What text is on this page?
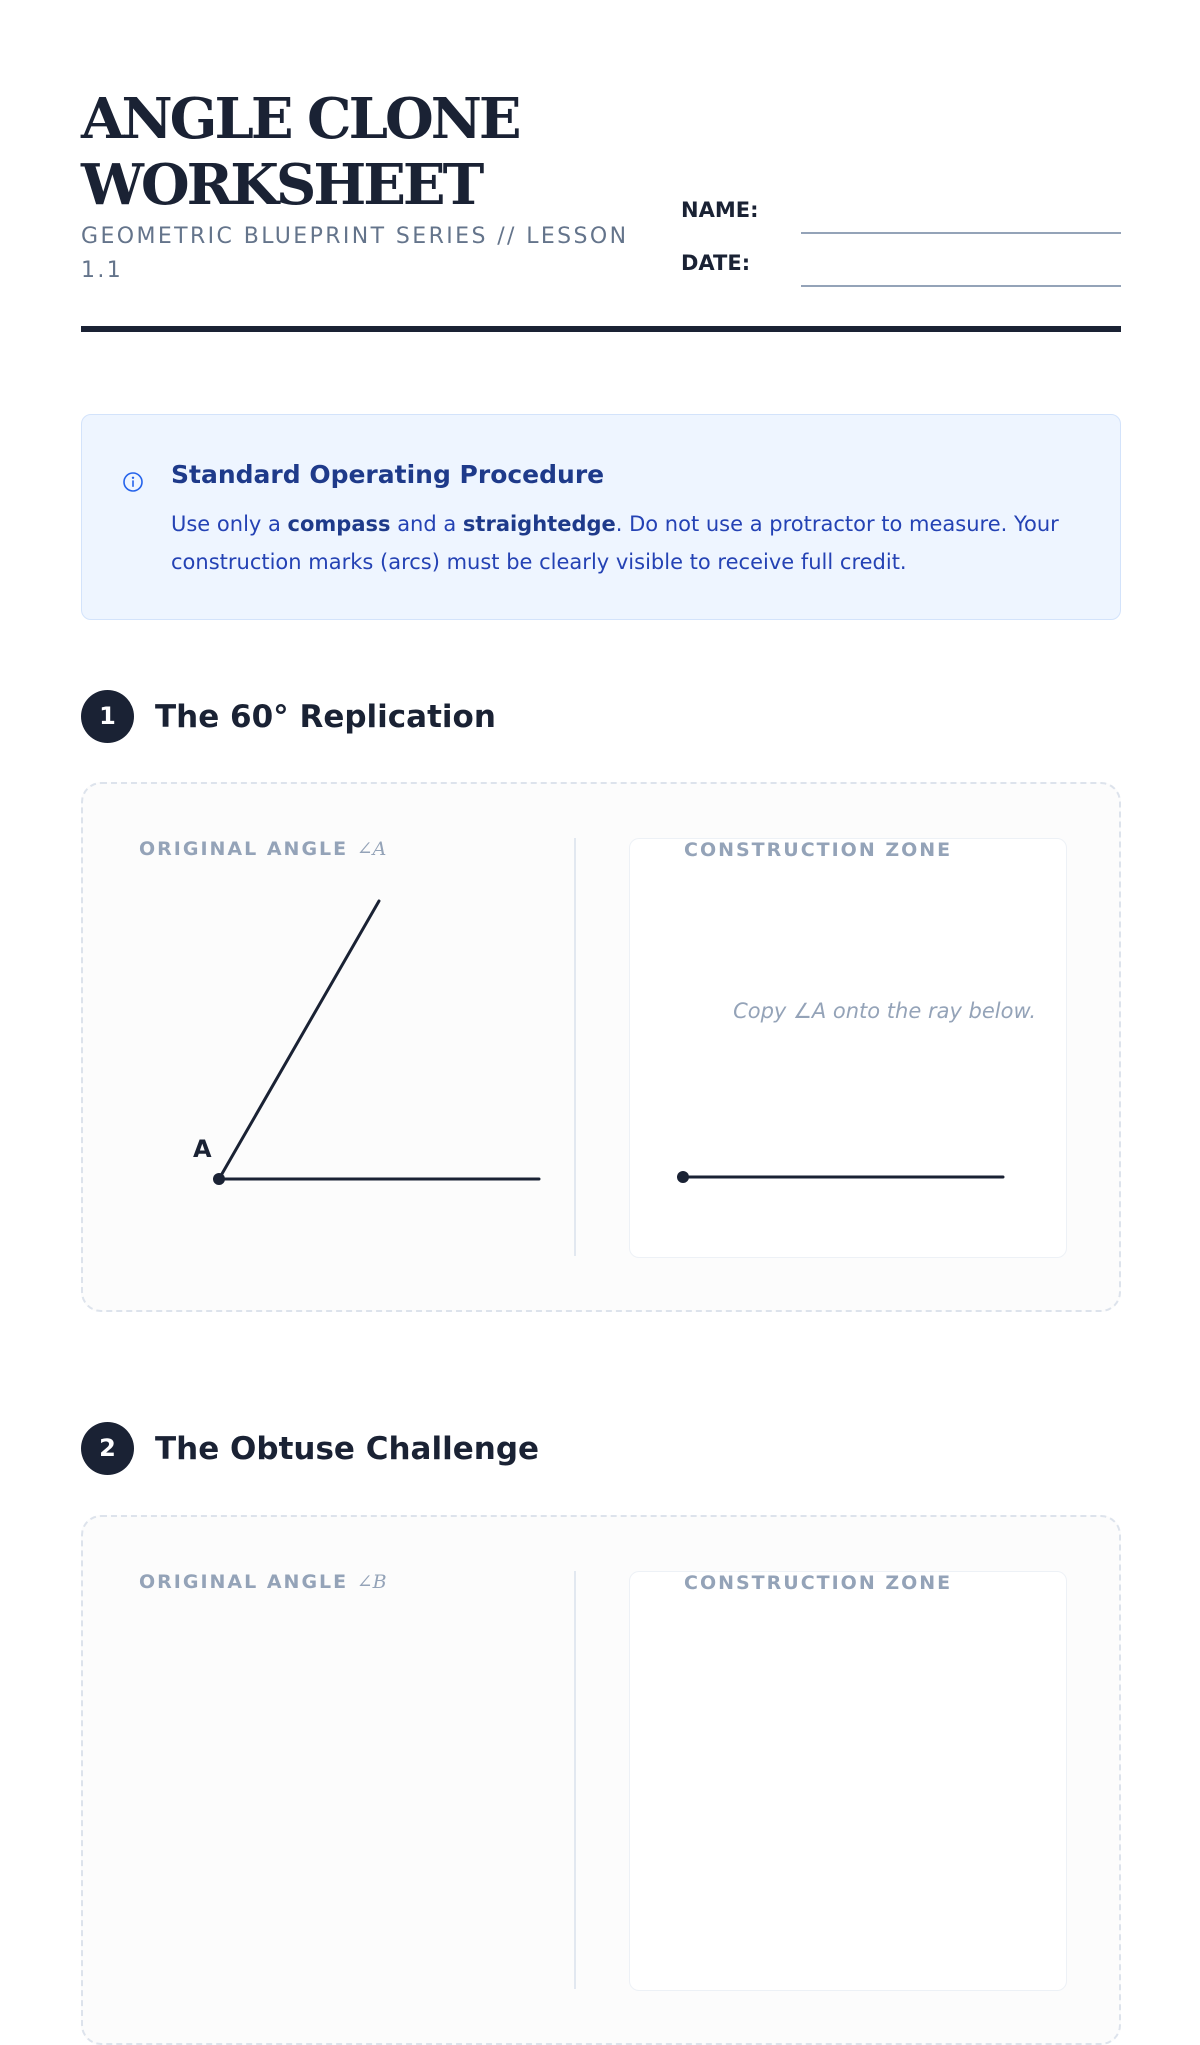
ANGLE CLONE WORKSHEET
GEOMETRIC BLUEPRINT SERIES // LESSON 1.1
NAME:
DATE:
Standard Operating Procedure

Use only a compass and a straightedge. Do not use a protractor to measure. Your construction marks (arcs) must be clearly visible to receive full credit.

1	The 60° Replication
ORIGINAL ANGLE ∠A
A
CONSTRUCTION ZONE
Copy ∠A onto the ray below.
2	The Obtuse Challenge
ORIGINAL ANGLE ∠B	CONSTRUCTION ZONE
